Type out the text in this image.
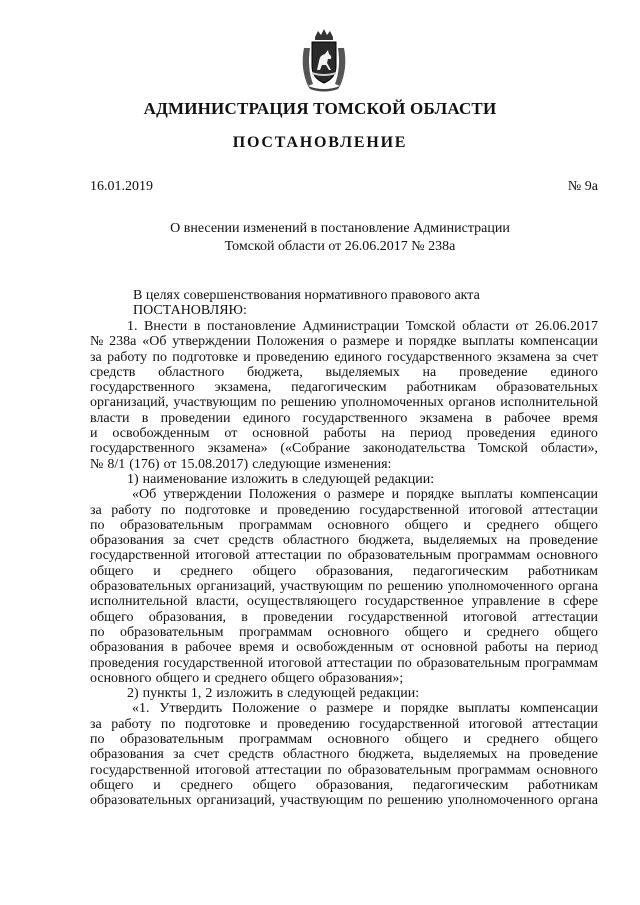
АДМИНИСТРАЦИЯ ТОМСКОЙ ОБЛАСТИ
ПОСТАНОВЛЕНИЕ
16.01.2019	№ 9а
О внесении изменений в постановление Администрации
Томской области от 26.06.2017 № 238а
В целях совершенствования нормативного правового акта
ПОСТАНОВЛЯЮ:
1. Внести в постановление Администрации Томской области от 26.06.2017
№ 238а «Об утверждении Положения о размере и порядке выплаты компенсации
за работу по подготовке и проведению единого государственного экзамена за счет
средств областного бюджета, выделяемых на проведение единого
государственного экзамена, педагогическим работникам образовательных
организаций, участвующим по решению уполномоченных органов исполнительной
власти в проведении единого государственного экзамена в рабочее время
и освобожденным от основной работы на период проведения единого
государственного экзамена» («Собрание законодательства Томской области»,
№ 8/1 (176) от 15.08.2017) следующие изменения:
1) наименование изложить в следующей редакции:
«Об утверждении Положения о размере и порядке выплаты компенсации
за работу по подготовке и проведению государственной итоговой аттестации
по образовательным программам основного общего и среднего общего
образования за счет средств областного бюджета, выделяемых на проведение
государственной итоговой аттестации по образовательным программам основного
общего и среднего общего образования, педагогическим работникам
образовательных организаций, участвующим по решению уполномоченного органа
исполнительной власти, осуществляющего государственное управление в сфере
общего образования, в проведении государственной итоговой аттестации
по образовательным программам основного общего и среднего общего
образования в рабочее время и освобожденным от основной работы на период
проведения государственной итоговой аттестации по образовательным программам
основного общего и среднего общего образования»;
2) пункты 1, 2 изложить в следующей редакции:
«1. Утвердить Положение о размере и порядке выплаты компенсации
за работу по подготовке и проведению государственной итоговой аттестации
по образовательным программам основного общего и среднего общего
образования за счет средств областного бюджета, выделяемых на проведение
государственной итоговой аттестации по образовательным программам основного
общего и среднего общего образования, педагогическим работникам
образовательных организаций, участвующим по решению уполномоченного органа
